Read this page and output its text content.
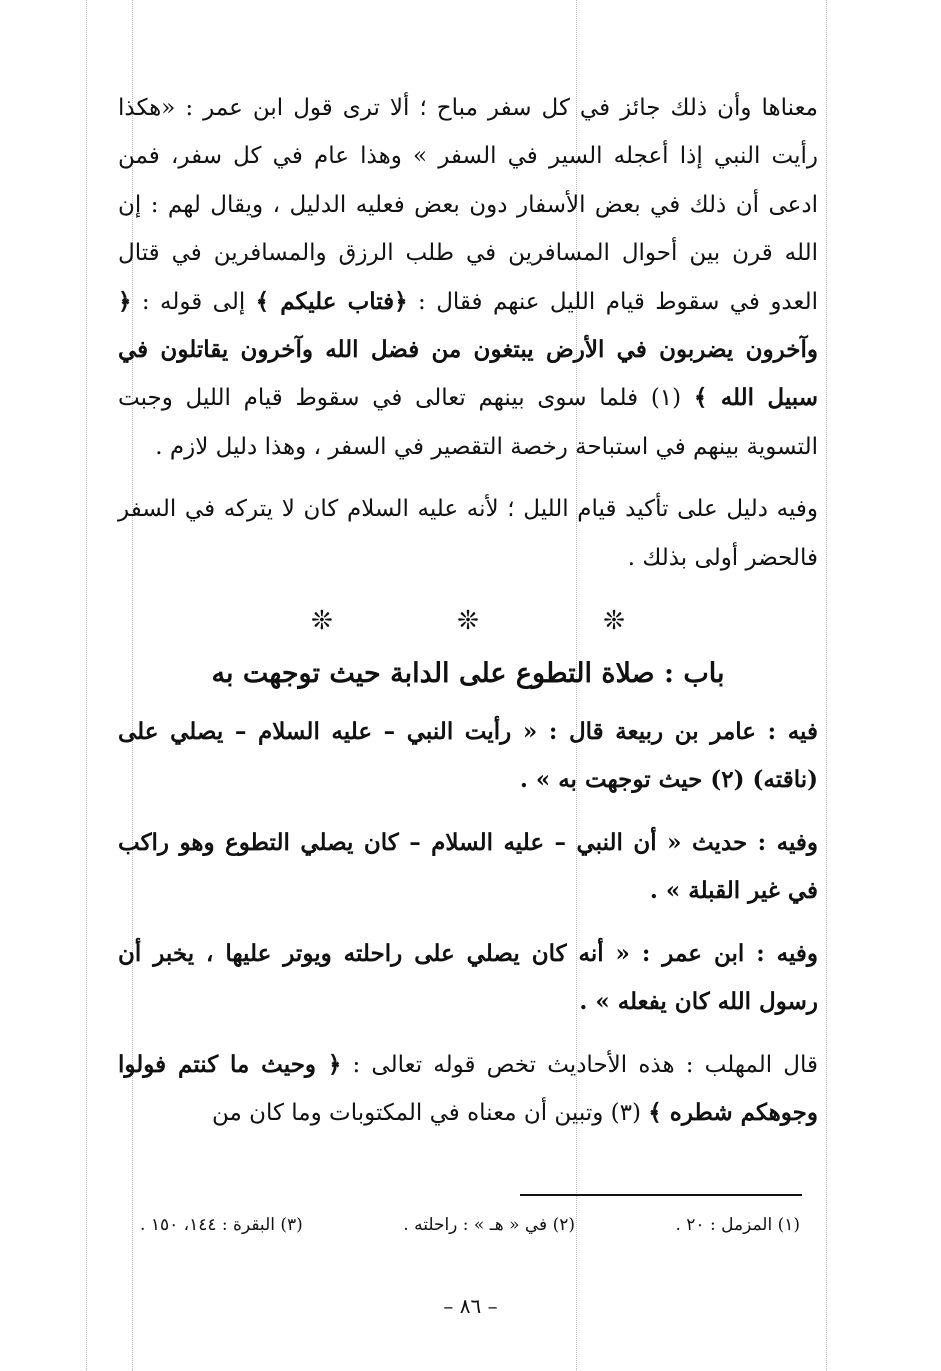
معناها وأن ذلك جائز في كل سفر مباح ؛ ألا ترى قول ابن عمر : «هكذا رأيت النبي إذا أعجله السير في السفر » وهذا عام في كل سفر، فمن ادعى أن ذلك في بعض الأسفار دون بعض فعليه الدليل ، ويقال لهم : إن الله قرن بين أحوال المسافرين في طلب الرزق والمسافرين في قتال العدو في سقوط قيام الليل عنهم فقال : ﴿فتاب عليكم ﴾ إلى قوله : ﴿ وآخرون يضربون في الأرض يبتغون من فضل الله وآخرون يقاتلون في سبيل الله ﴾ (١) فلما سوى بينهم تعالى في سقوط قيام الليل وجبت التسوية بينهم في استباحة رخصة التقصير في السفر ، وهذا دليل لازم .

وفيه دليل على تأكيد قيام الليل ؛ لأنه عليه السلام كان لا يتركه في السفر فالحضر أولى بذلك .

❊ ❊ ❊
باب : صلاة التطوع على الدابة حيث توجهت به

فيه : عامر بن ربيعة قال : « رأيت النبي – عليه السلام – يصلي على (ناقته) (٢) حيث توجهت به » .

وفيه : حديث « أن النبي – عليه السلام – كان يصلي التطوع وهو راكب في غير القبلة » .

وفيه : ابن عمر : « أنه كان يصلي على راحلته ويوتر عليها ، يخبر أن رسول الله كان يفعله » .

قال المهلب : هذه الأحاديث تخص قوله تعالى : ﴿ وحيث ما كنتم فولوا وجوهكم شطره ﴾ (٣) وتبين أن معناه في المكتوبات وما كان من

(١) المزمل : ٢٠ .
(٢) في « هـ » : راحلته .
(٣) البقرة : ١٤٤، ١٥٠ .
– ٨٦ –
